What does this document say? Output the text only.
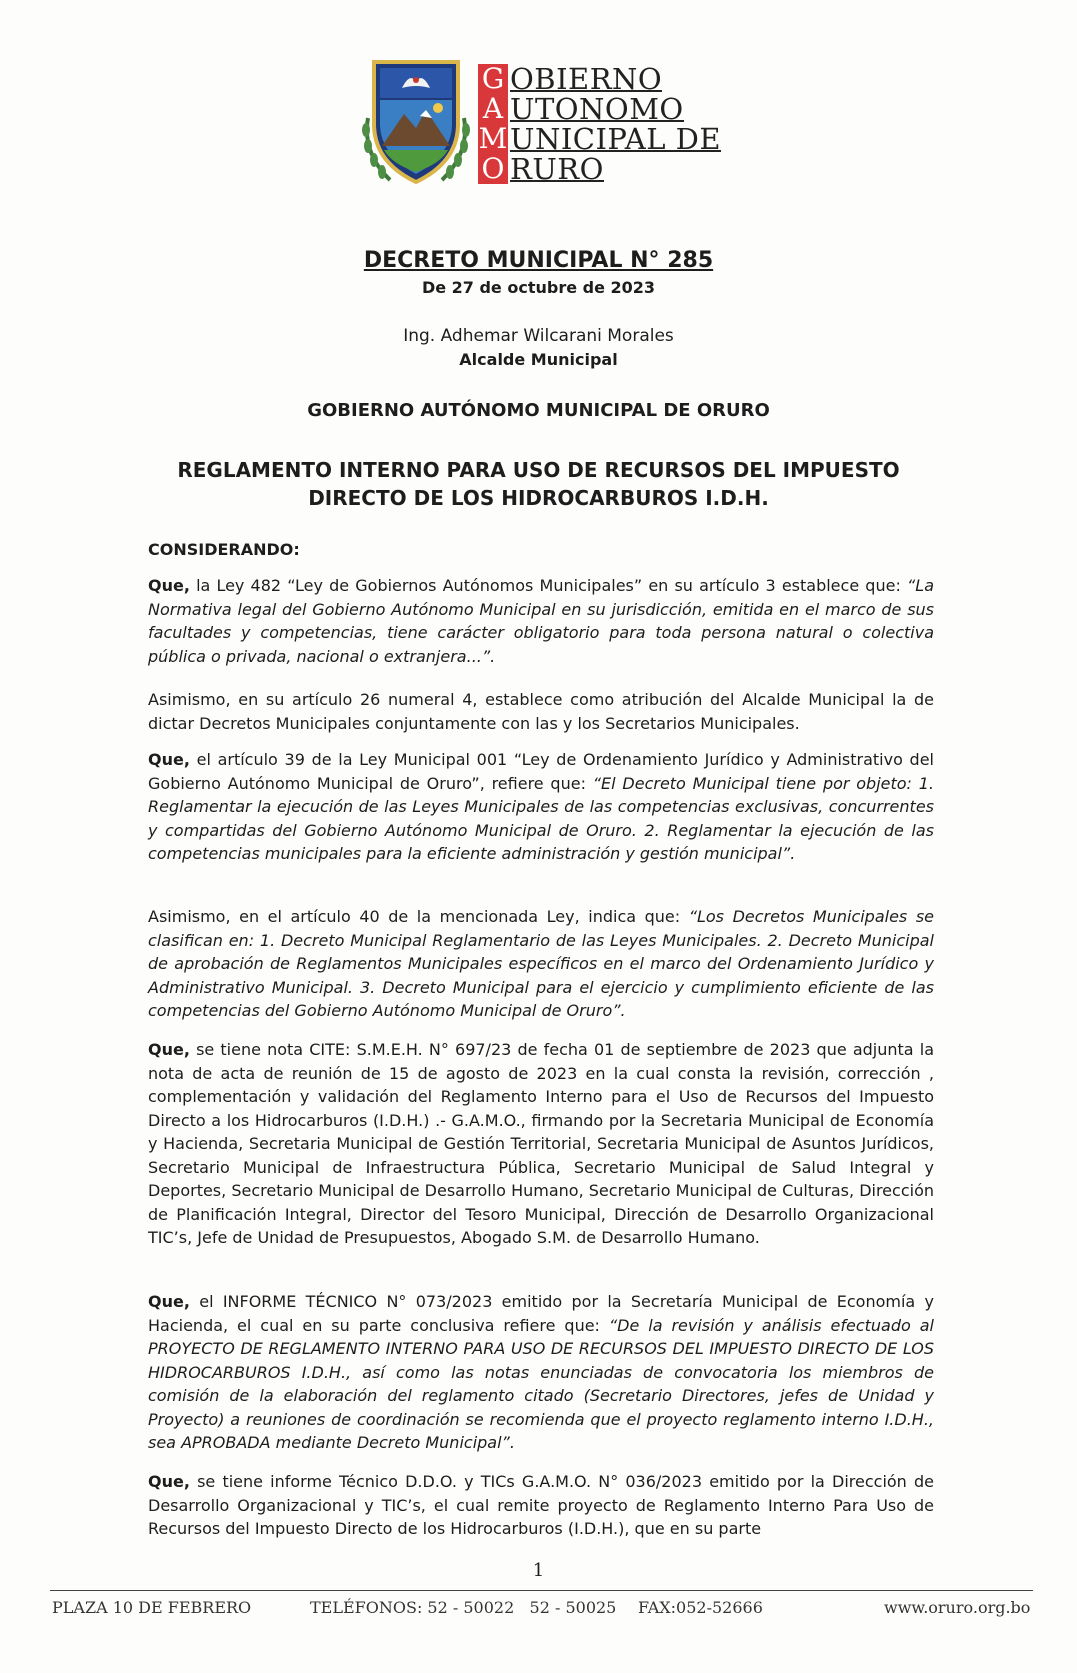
G
A
M
O
OBIERNO
UTONOMO
UNICIPAL DE
RURO
DECRETO MUNICIPAL N° 285
De 27 de octubre de 2023
Ing. Adhemar Wilcarani Morales
Alcalde Municipal
GOBIERNO AUTÓNOMO MUNICIPAL DE ORURO
REGLAMENTO INTERNO PARA USO DE RECURSOS DEL IMPUESTO
DIRECTO DE LOS HIDROCARBUROS I.D.H.
CONSIDERANDO:
Que, la Ley 482 “Ley de Gobiernos Autónomos Municipales” en su artículo 3 establece que: “La Normativa legal del Gobierno Autónomo Municipal en su jurisdicción, emitida en el marco de sus facultades y competencias, tiene carácter obligatorio para toda persona natural o colectiva pública o privada, nacional o extranjera...”.
Asimismo, en su artículo 26 numeral 4, establece como atribución del Alcalde Municipal la de dictar Decretos Municipales conjuntamente con las y los Secretarios Municipales.
Que, el artículo 39 de la Ley Municipal 001 “Ley de Ordenamiento Jurídico y Administrativo del Gobierno Autónomo Municipal de Oruro”, refiere que: “El Decreto Municipal tiene por objeto: 1. Reglamentar la ejecución de las Leyes Municipales de las competencias exclusivas, concurrentes y compartidas del Gobierno Autónomo Municipal de Oruro. 2. Reglamentar la ejecución de las competencias municipales para la eficiente administración y gestión municipal”.
Asimismo, en el artículo 40 de la mencionada Ley, indica que: “Los Decretos Municipales se clasifican en: 1. Decreto Municipal Reglamentario de las Leyes Municipales. 2. Decreto Municipal de aprobación de Reglamentos Municipales específicos en el marco del Ordenamiento Jurídico y Administrativo Municipal. 3. Decreto Municipal para el ejercicio y cumplimiento eficiente de las competencias del Gobierno Autónomo Municipal de Oruro”.
Que, se tiene nota CITE: S.M.E.H. N° 697/23 de fecha 01 de septiembre de 2023 que adjunta la nota de acta de reunión de 15 de agosto de 2023 en la cual consta la revisión, corrección , complementación y validación del Reglamento Interno para el Uso de Recursos del Impuesto Directo a los Hidrocarburos (I.D.H.) .- G.A.M.O., firmando por la Secretaria Municipal de Economía y Hacienda, Secretaria Municipal de Gestión Territorial, Secretaria Municipal de Asuntos Jurídicos, Secretario Municipal de Infraestructura Pública, Secretario Municipal de Salud Integral y Deportes, Secretario Municipal de Desarrollo Humano, Secretario Municipal de Culturas, Dirección de Planificación Integral, Director del Tesoro Municipal, Dirección de Desarrollo Organizacional TIC’s, Jefe de Unidad de Presupuestos, Abogado S.M. de Desarrollo Humano.
Que, el INFORME TÉCNICO N° 073/2023 emitido por la Secretaría Municipal de Economía y Hacienda, el cual en su parte conclusiva refiere que: “De la revisión y análisis efectuado al PROYECTO DE REGLAMENTO INTERNO PARA USO DE RECURSOS DEL IMPUESTO DIRECTO DE LOS HIDROCARBUROS I.D.H., así como las notas enunciadas de convocatoria los miembros de comisión de la elaboración del reglamento citado (Secretario Directores, jefes de Unidad y Proyecto) a reuniones de coordinación se recomienda que el proyecto reglamento interno I.D.H., sea APROBADA mediante Decreto Municipal”.
Que, se tiene informe Técnico D.D.O. y TICs G.A.M.O. N° 036/2023 emitido por la Dirección de Desarrollo Organizacional y TIC’s, el cual remite proyecto de Reglamento Interno Para Uso de Recursos del Impuesto Directo de los Hidrocarburos (I.D.H.), que en su parte
1
PLAZA 10 DE FEBRERO	TELÉFONOS: 52 - 50022   52 - 50025 FAX:052-52666	www.oruro.org.bo
